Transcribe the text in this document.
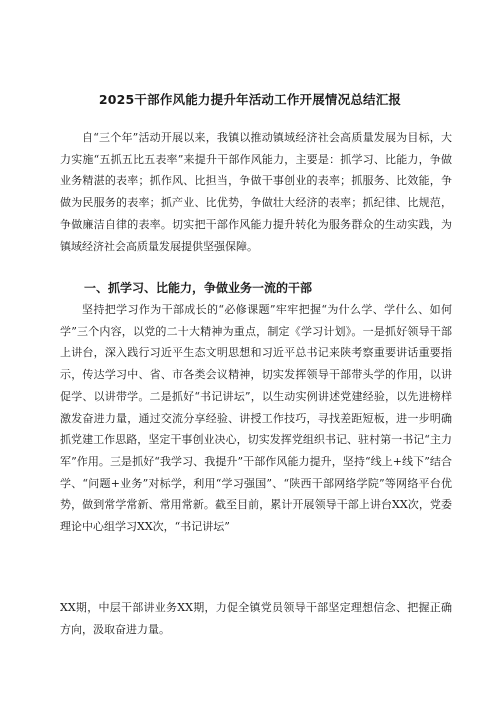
2025干部作风能力提升年活动工作开展情况总结汇报

自“三个年”活动开展以来，我镇以推动镇域经济社会高质量发展为目标，大力实施“五抓五比五表率”来提升干部作风能力，主要是：抓学习、比能力，争做业务精湛的表率；抓作风、比担当，争做干事创业的表率；抓服务、比效能，争做为民服务的表率；抓产业、比优势，争做壮大经济的表率；抓纪律、比规范，争做廉洁自律的表率。切实把干部作风能力提升转化为服务群众的生动实践，为镇域经济社会高质量发展提供坚强保障。

一、抓学习、比能力，争做业务一流的干部

坚持把学习作为干部成长的“必修课题”牢牢把握“为什么学、学什么、如何学”三个内容，以党的二十大精神为重点，制定《学习计划》。一是抓好领导干部上讲台，深入践行习近平生态文明思想和习近平总书记来陕考察重要讲话重要指示，传达学习中、省、市各类会议精神，切实发挥领导干部带头学的作用，以讲促学、以讲带学。二是抓好“书记讲坛”，以生动实例讲述党建经验，以先进榜样激发奋进力量，通过交流分享经验、讲授工作技巧，寻找差距短板，进一步明确抓党建工作思路，坚定干事创业决心，切实发挥党组织书记、驻村第一书记“主力军”作用。三是抓好“我学习、我提升”干部作风能力提升，坚持“线上+线下”结合学、“问题+业务”对标学，利用“学习强国”、“陕西干部网络学院”等网络平台优势，做到常学常新、常用常新。截至目前，累计开展领导干部上讲台XX次，党委理论中心组学习XX次，“书记讲坛”

XX期，中层干部讲业务XX期，力促全镇党员领导干部坚定理想信念、把握正确方向，汲取奋进力量。
